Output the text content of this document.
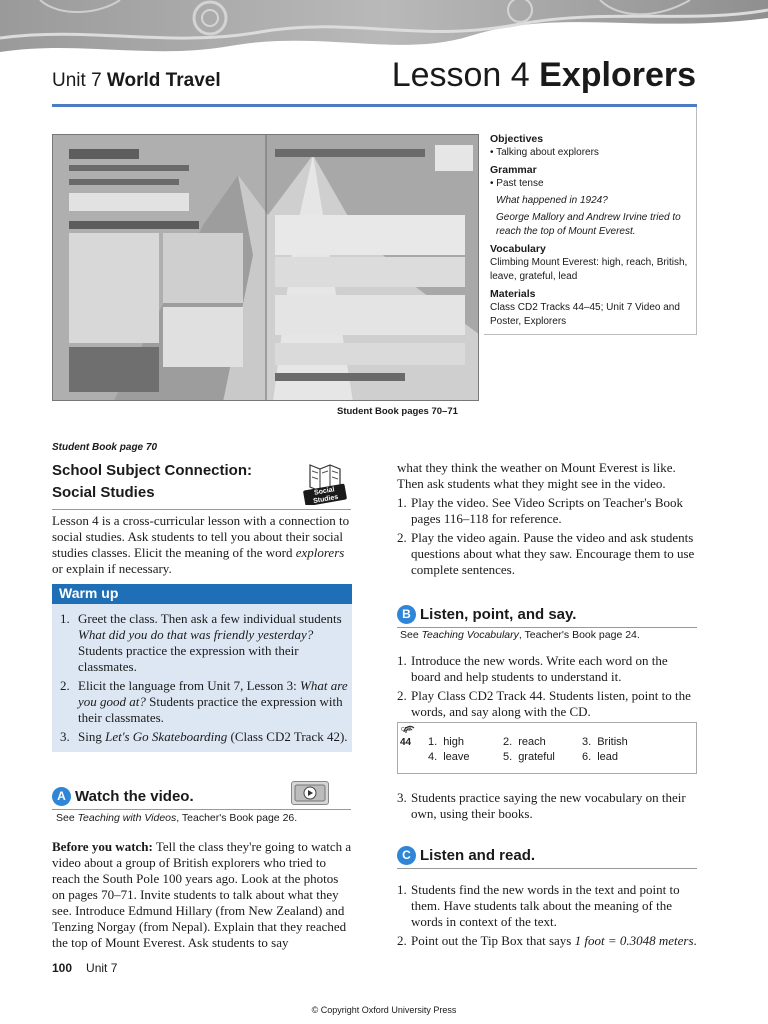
Unit 7 World Travel	Lesson 4 Explorers
Student Book pages 70–71
Objectives

• Talking about explorers

Grammar

• Past tense

What happened in 1924?

George Mallory and Andrew Irvine tried to reach the top of Mount Everest.

Vocabulary

Climbing Mount Everest: high, reach, British, leave, grateful, lead

Materials

Class CD2 Tracks 44–45; Unit 7 Video and Poster, Explorers

Student Book page 70
School Subject Connection:
Social Studies	Social
Studies

Lesson 4 is a cross-curricular lesson with a connection to social studies. Ask students to tell you about their social studies classes. Elicit the meaning of the word explorers or explain if necessary.

Warm up
1. Greet the class. Then ask a few individual students What did you do that was friendly yesterday? Students practice the expression with their classmates.
2. Elicit the language from Unit 7, Lesson 3: What are you good at? Students practice the expression with their classmates.
3. Sing Let's Go Skateboarding (Class CD2 Track 42).
A Watch the video.
See Teaching with Videos, Teacher's Book page 26.

Before you watch: Tell the class they're going to watch a video about a group of British explorers who tried to reach the South Pole 100 years ago. Look at the photos on pages 70–71. Invite students to talk about what they see. Introduce Edmund Hillary (from New Zealand) and Tenzing Norgay (from Nepal). Explain that they reached the top of Mount Everest. Ask students to say

100 Unit 7

what they think the weather on Mount Everest is like. Then ask students what they might see in the video.

1. Play the video. See Video Scripts on Teacher's Book pages 116–118 for reference.
2. Play the video again. Pause the video and ask students questions about what they saw. Encourage them to use complete sentences.
B Listen, point, and say.
See Teaching Vocabulary, Teacher's Book page 24.
1. Introduce the new words. Write each word on the board and help students to understand it.
2. Play Class CD2 Track 44. Students listen, point to the words, and say along with the CD.
CD2
44 1. high	2. reach	3. British
4. leave	5. grateful	6. lead
3. Students practice saying the new vocabulary on their own, using their books.
C Listen and read.
1. Students find the new words in the text and point to them. Have students talk about the meaning of the words in context of the text.
2. Point out the Tip Box that says 1 foot = 0.3048 meters.
© Copyright Oxford University Press
